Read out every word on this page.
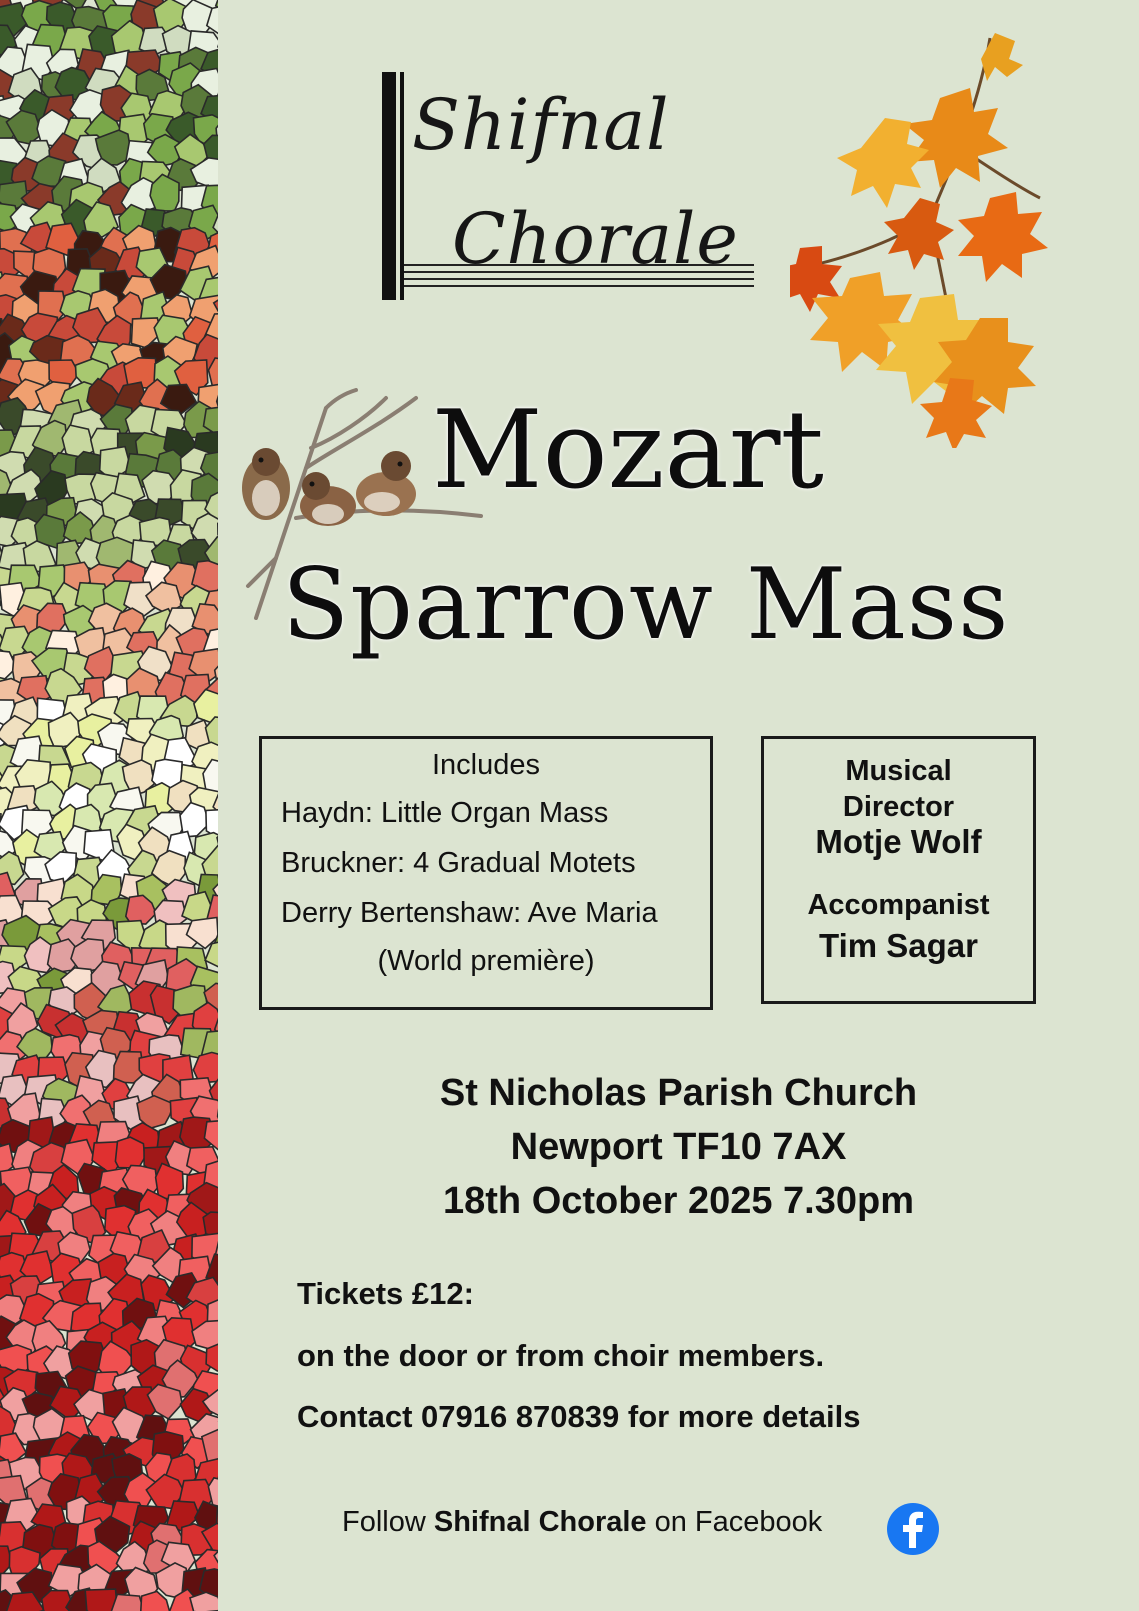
Shifnal
Chorale
Mozart
Sparrow Mass
Includes
Haydn: Little Organ Mass
Bruckner: 4 Gradual Motets
Derry Bertenshaw: Ave Maria
(World première)
Musical
Director
Motje Wolf
Accompanist
Tim Sagar
St Nicholas Parish Church
Newport TF10 7AX
18th October 2025 7.30pm
Tickets £12:
on the door or from choir members.
Contact 07916 870839 for more details
Follow Shifnal Chorale on Facebook
